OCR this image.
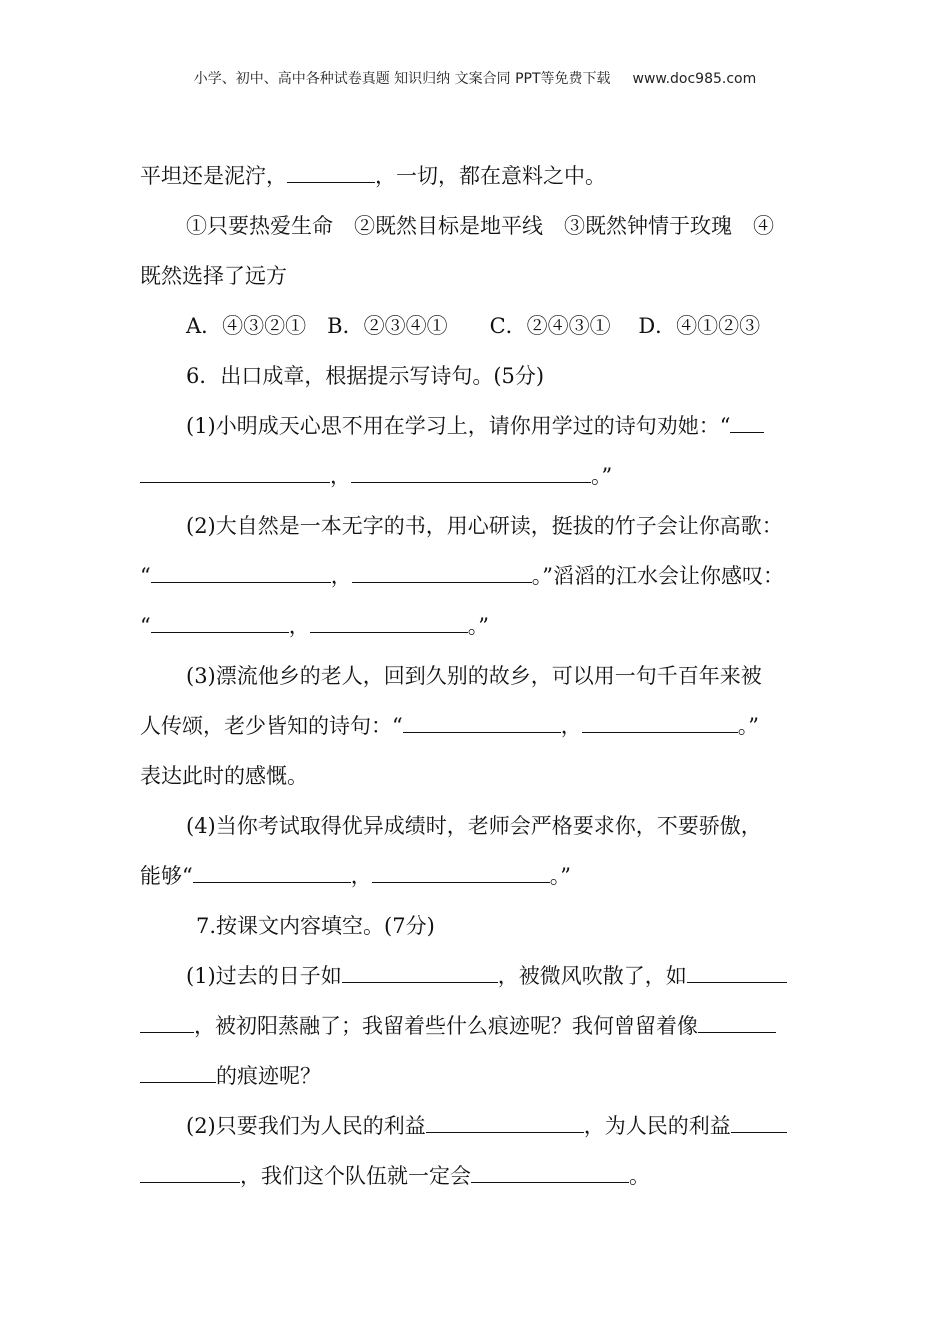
小学、初中、高中各种试卷真题 知识归纳 文案合同 PPT等免费下载 www.doc985.com
平坦还是泥泞，	，一切，都在意料之中。
①只要热爱生命　②既然目标是地平线　③既然钟情于玫瑰　④
既然选择了远方
A．④③②①　B．②③④①　　C．②④③①　 D．④①②③
6．出口成章，根据提示写诗句。(5分)
(1)小明成天心思不用在学习上，请你用学过的诗句劝她：“
，	。”
(2)大自然是一本无字的书，用心研读，挺拔的竹子会让你高歌：
“	，	。”滔滔的江水会让你感叹：
“	，	。”
(3)漂流他乡的老人，回到久别的故乡，可以用一句千百年来被
人传颂，老少皆知的诗句：“	，	。”
表达此时的感慨。
(4)当你考试取得优异成绩时，老师会严格要求你，不要骄傲，
能够“	，	。”
7.按课文内容填空。(7分)
(1)过去的日子如	，被微风吹散了，如
，被初阳蒸融了；我留着些什么痕迹呢？我何曾留着像
的痕迹呢？
(2)只要我们为人民的利益	，为人民的利益
，我们这个队伍就一定会	。
